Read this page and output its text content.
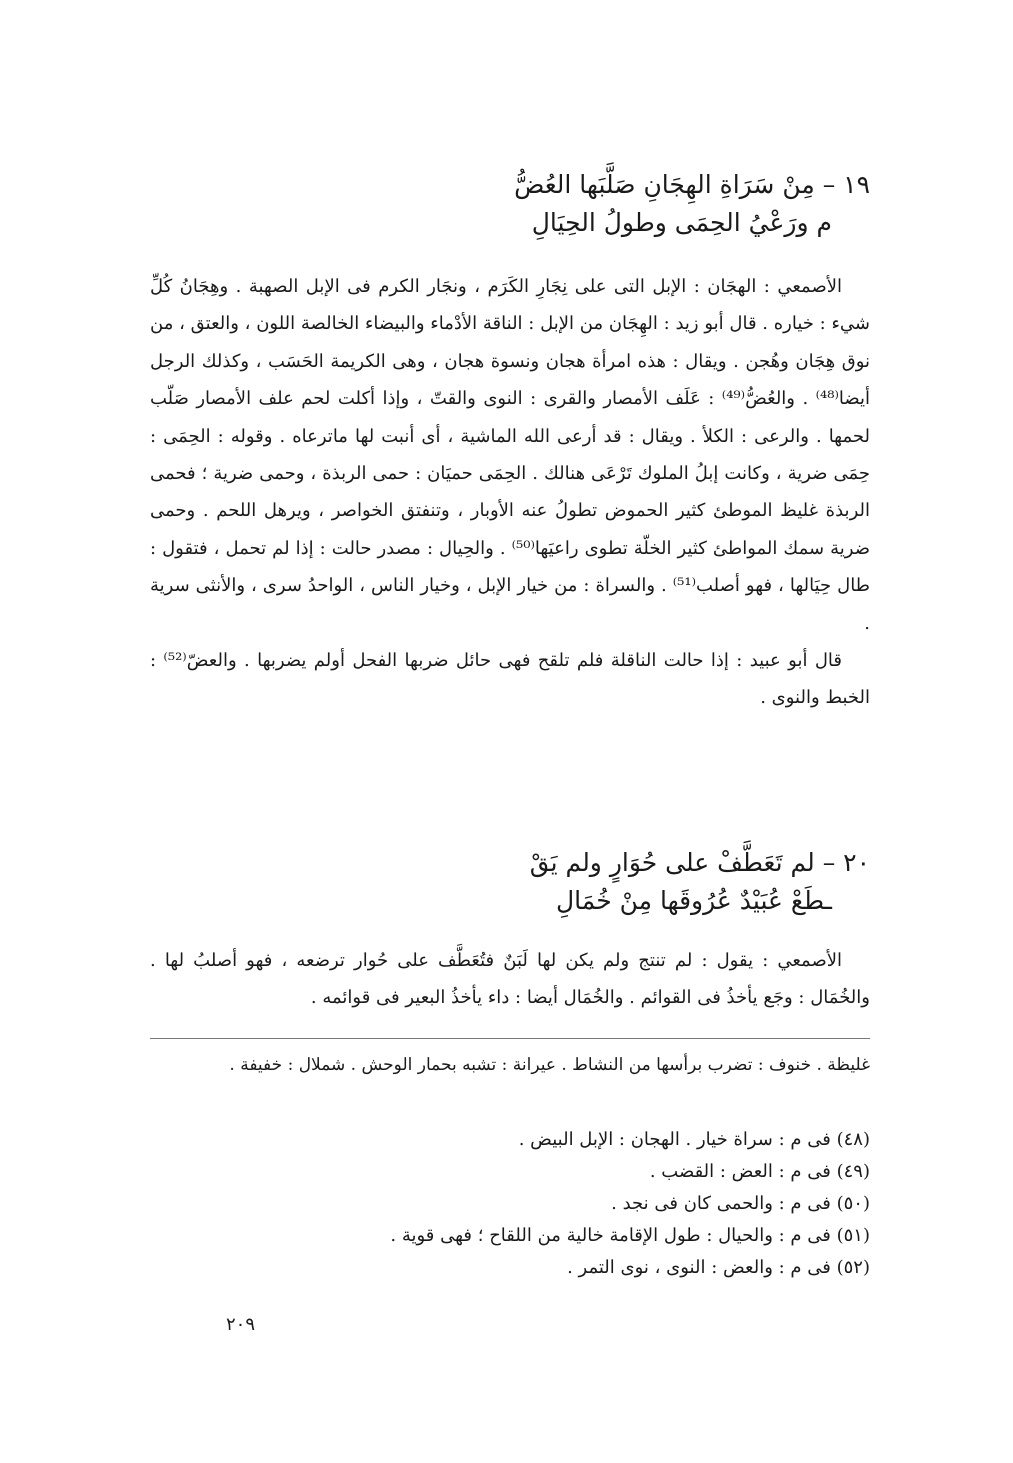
١٩ – مِنْ سَرَاةِ الهِجَانِ صَلَّبَها العُضُّ
م ورَعْيُ الحِمَى وطولُ الحِيَالِ

الأصمعي : الهجَان : الإبل التى على نِجَارِ الكَرَم ، ونجَار الكرم فى الإبل الصهبة . وهِجَانُ كُلِّ شيء : خياره . قال أبو زيد : الهِجَان من الإبل : الناقة الأدْماء والبيضاء الخالصة اللون ، والعتق ، من نوق هِجَان وهُجن . ويقال : هذه امرأة هجان ونسوة هجان ، وهى الكريمة الحَسَب ، وكذلك الرجل أيضا⁽⁴⁸⁾ . والعُضُّ⁽⁴⁹⁾ : عَلَف الأمصار والقرى : النوى والقتّ ، وإذا أكلت لحم علف الأمصار صَلّب لحمها . والرعى : الكلأ . ويقال : قد أرعى الله الماشية ، أى أنبت لها ماترعاه . وقوله : الحِمَى : حِمَى ضرية ، وكانت إبلُ الملوك تَرْعَى هنالك . الحِمَى حميَان : حمى الربذة ، وحمى ضرية ؛ فحمى الربذة غليظ الموطئ كثير الحموض تطولُ عنه الأوبار ، وتنفتق الخواصر ، ويرهل اللحم . وحمى ضرية سمك المواطئ كثير الخلّة تطوى راعيَها⁽⁵⁰⁾ . والحِيال : مصدر حالت : إذا لم تحمل ، فتقول : طال حِيَالها ، فهو أصلب⁽⁵¹⁾ . والسراة : من خيار الإبل ، وخيار الناس ، الواحدُ سرى ، والأنثى سرية .

قال أبو عبيد : إذا حالت الناقلة فلم تلقح فهى حائل ضربها الفحل أولم يضربها . والعضّ⁽⁵²⁾ : الخبط والنوى .

٢٠ – لم تَعَطَّفْ على حُوَارٍ ولم يَقْ
ـطَعْ عُبَيْدٌ عُرُوقَها مِنْ خُمَالِ

الأصمعي : يقول : لم تنتج ولم يكن لها لَبَنٌ فتُعَطَّف على حُوار ترضعه ، فهو أصلبُ لها . والخُمَال : وجَع يأخذُ فى القوائم . والخُمَال أيضا : داء يأخذُ البعير فى قوائمه .

غليظة . خنوف : تضرب برأسها من النشاط . عيرانة : تشبه بحمار الوحش . شملال : خفيفة .

(٤٨) فى م : سراة خيار . الهجان : الإبل البيض .

(٤٩) فى م : العض : القضب .

(٥٠) فى م : والحمى كان فى نجد .

(٥١) فى م : والحيال : طول الإقامة خالية من اللقاح ؛ فهى قوية .

(٥٢) فى م : والعض : النوى ، نوى التمر .

٢٠٩
